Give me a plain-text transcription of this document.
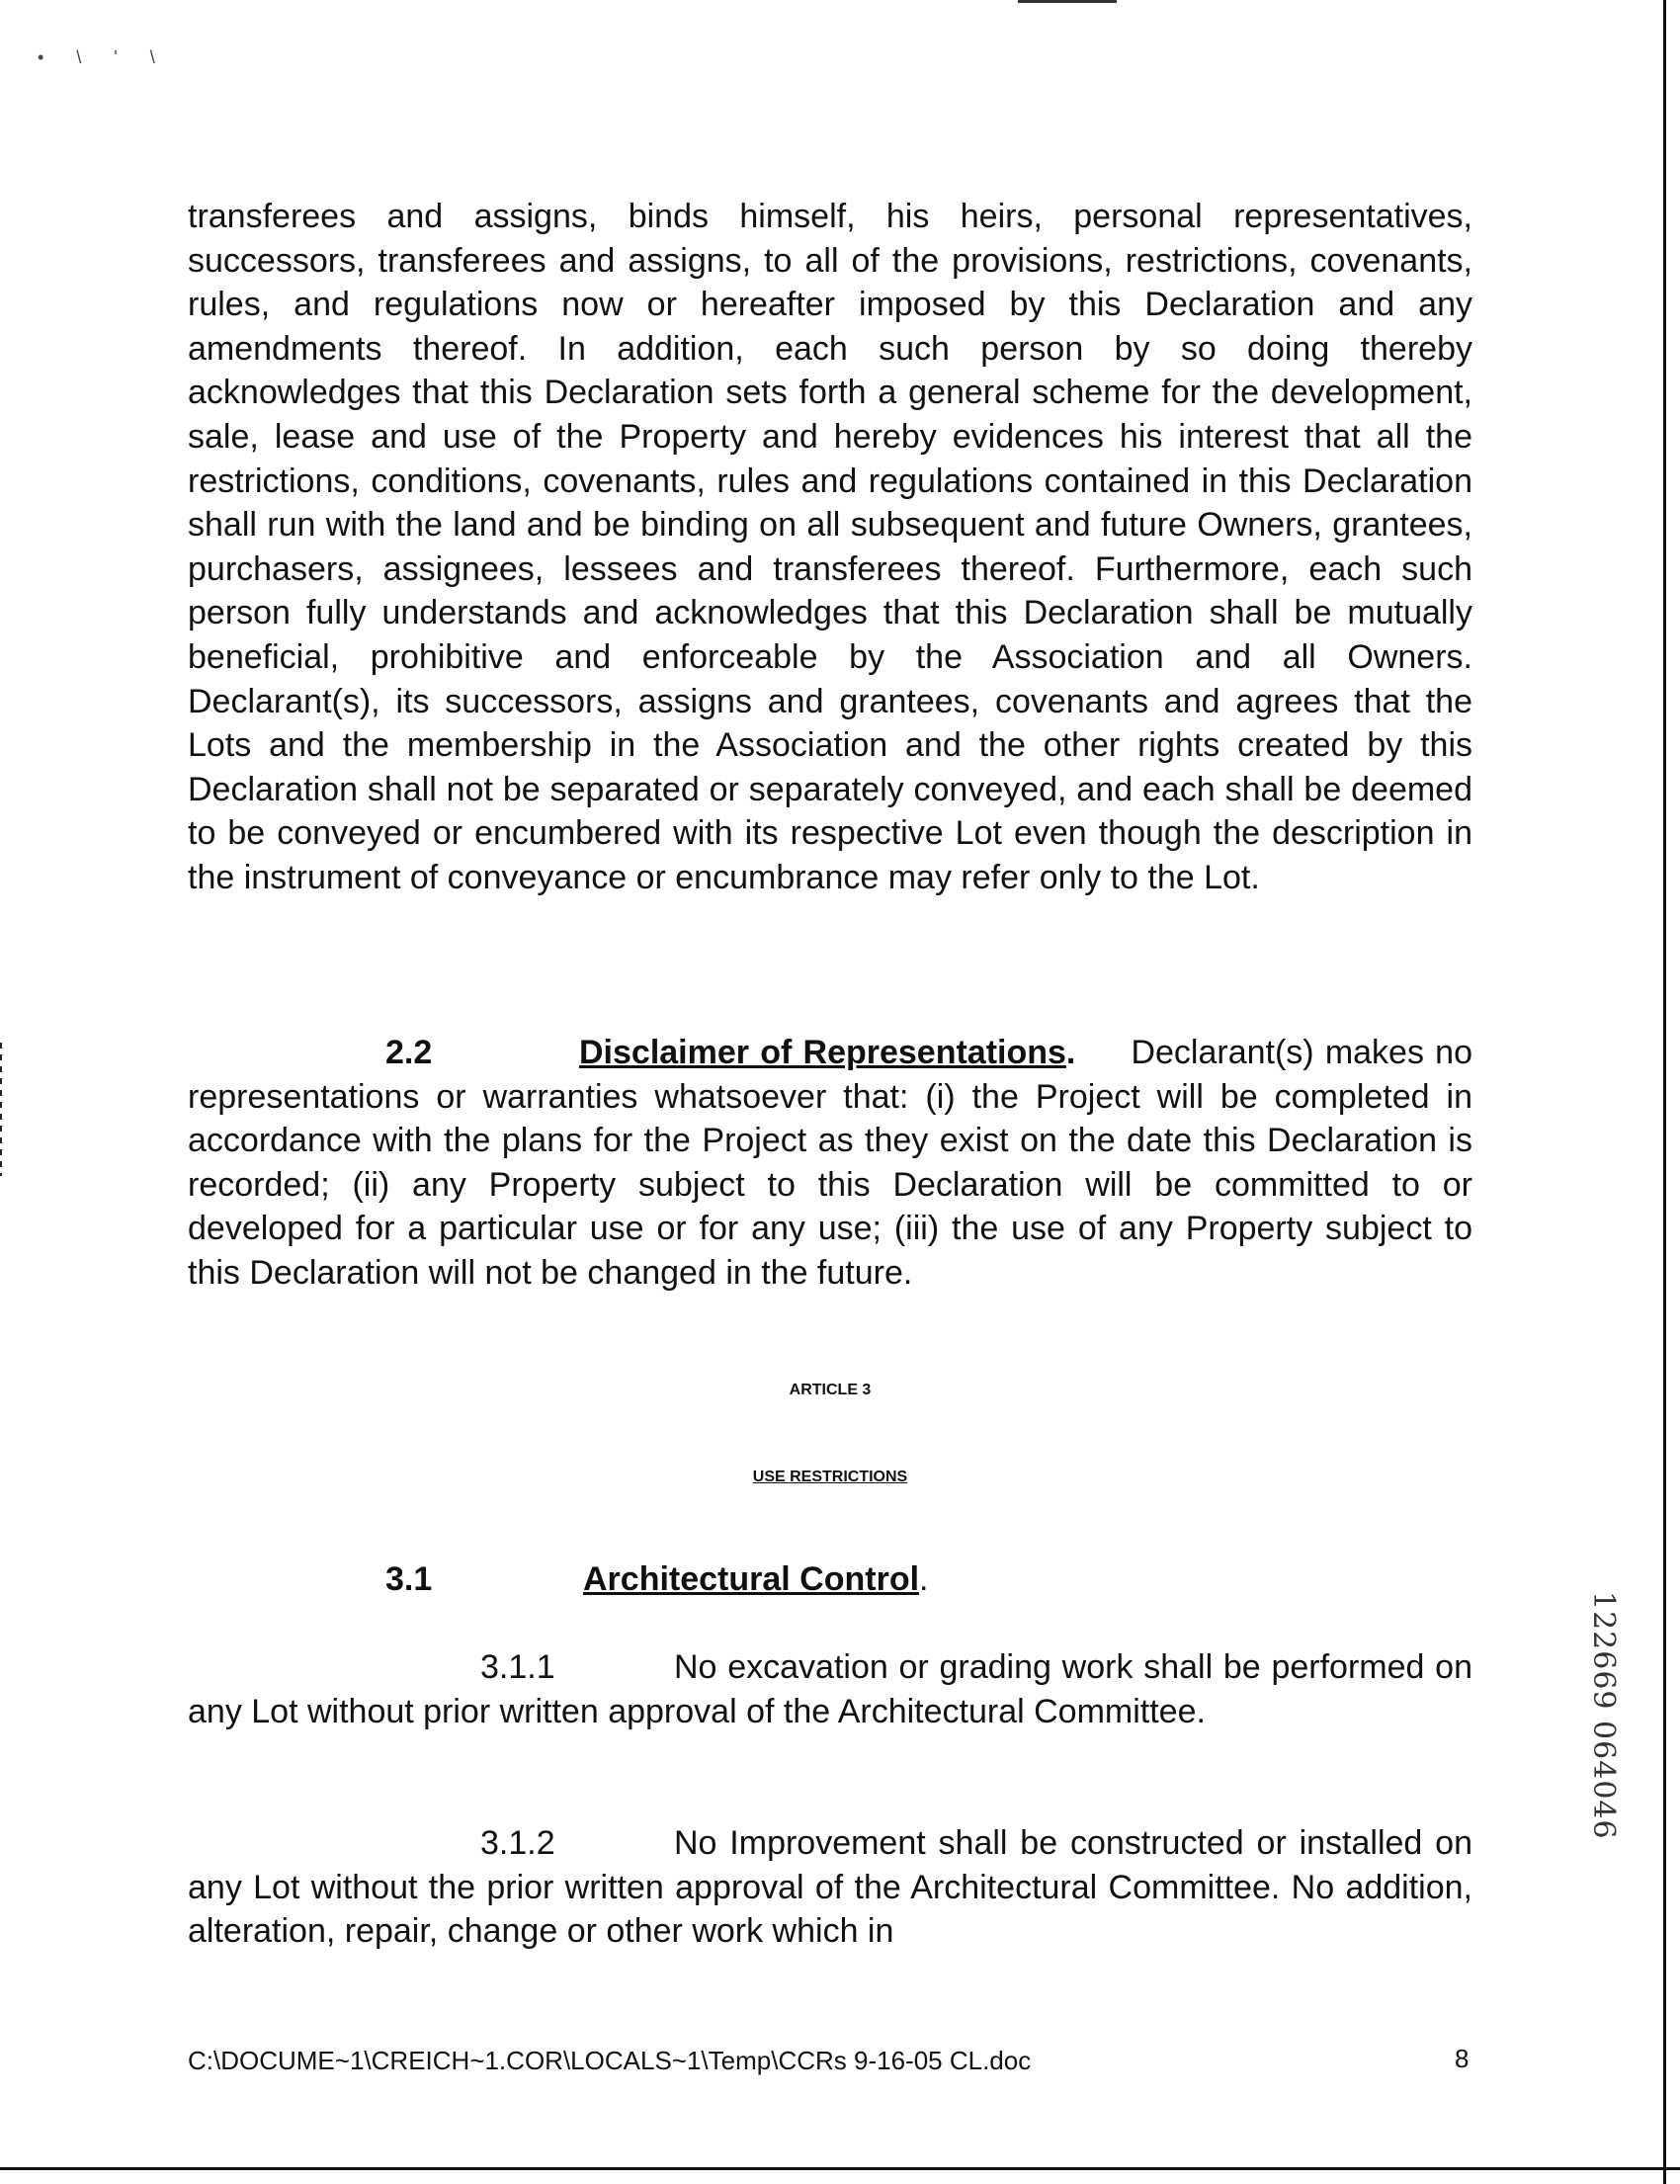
• \ ' \

transferees and assigns, binds himself, his heirs, personal representatives, successors, transferees and assigns, to all of the provisions, restrictions, covenants, rules, and regulations now or hereafter imposed by this Declaration and any amendments thereof. In addition, each such person by so doing thereby acknowledges that this Declaration sets forth a general scheme for the development, sale, lease and use of the Property and hereby evidences his interest that all the restrictions, conditions, covenants, rules and regulations contained in this Declaration shall run with the land and be binding on all subsequent and future Owners, grantees, purchasers, assignees, lessees and transferees thereof. Furthermore, each such person fully understands and acknowledges that this Declaration shall be mutually beneficial, prohibitive and enforceable by the Association and all Owners. Declarant(s), its successors, assigns and grantees, covenants and agrees that the Lots and the membership in the Association and the other rights created by this Declaration shall not be separated or separately conveyed, and each shall be deemed to be conveyed or encumbered with its respective Lot even though the description in the instrument of conveyance or encumbrance may refer only to the Lot.

2.2	Disclaimer of Representations. Declarant(s) makes no representations or warranties whatsoever that: (i) the Project will be completed in accordance with the plans for the Project as they exist on the date this Declaration is recorded; (ii) any Property subject to this Declaration will be committed to or developed for a particular use or for any use; (iii) the use of any Property subject to this Declaration will not be changed in the future.

ARTICLE 3

USE RESTRICTIONS

3.1	Architectural Control.

3.1.1	No excavation or grading work shall be performed on any Lot without prior written approval of the Architectural Committee.

3.1.2	No Improvement shall be constructed or installed on any Lot without the prior written approval of the Architectural Committee. No addition, alteration, repair, change or other work which in

C:\DOCUME~1\CREICH~1.COR\LOCALS~1\Temp\CCRs 9-16-05 CL.doc	8
122669 064046
